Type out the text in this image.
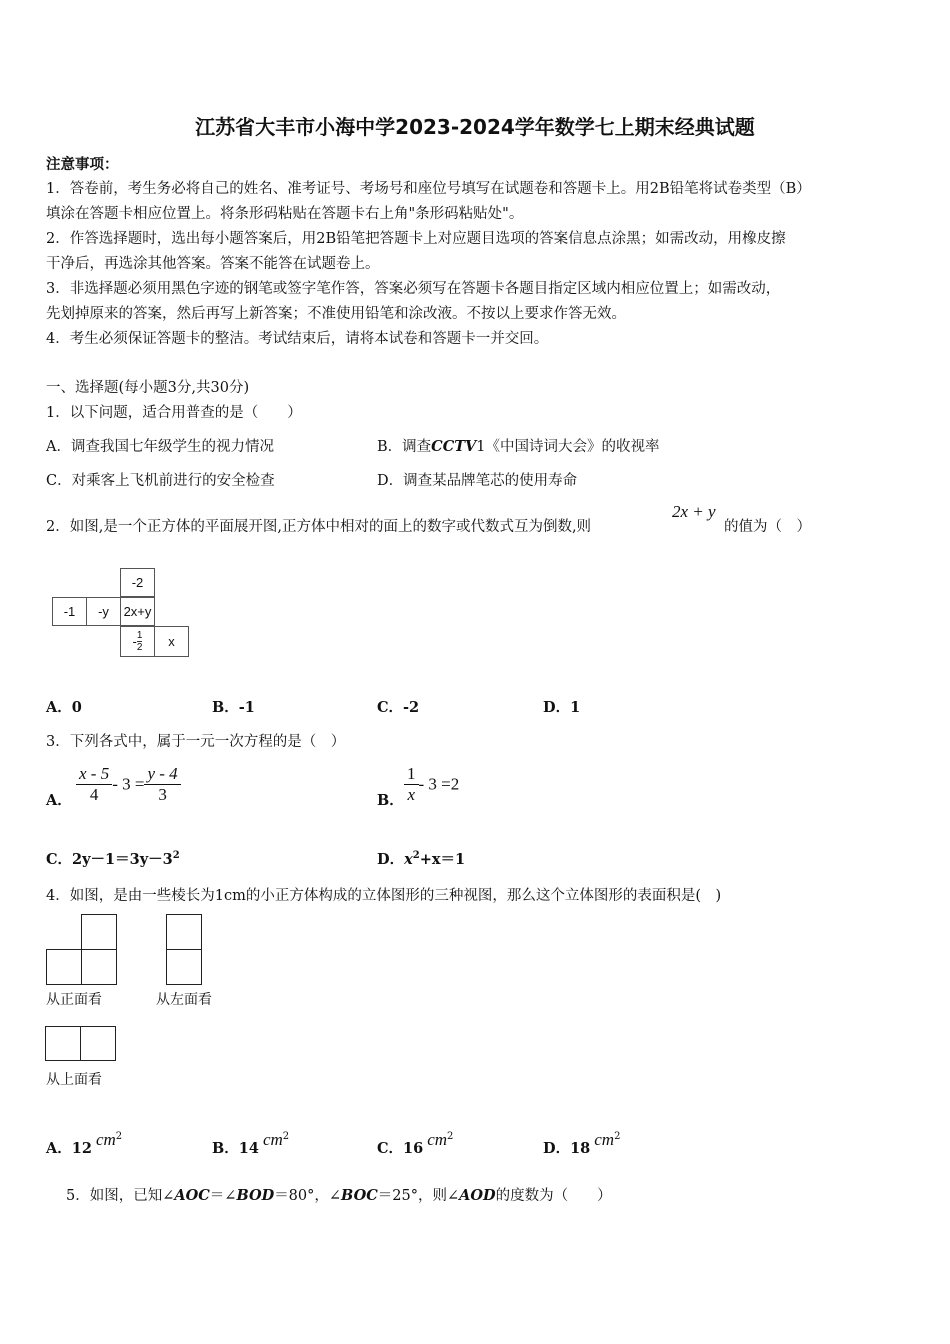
江苏省大丰市小海中学2023-2024学年数学七上期末经典试题
注意事项：
1．答卷前，考生务必将自己的姓名、准考证号、考场号和座位号填写在试题卷和答题卡上。用2B铅笔将试卷类型（B）
填涂在答题卡相应位置上。将条形码粘贴在答题卡右上角"条形码粘贴处"。
2．作答选择题时，选出每小题答案后，用2B铅笔把答题卡上对应题目选项的答案信息点涂黑；如需改动，用橡皮擦
干净后，再选涂其他答案。答案不能答在试题卷上。
3．非选择题必须用黑色字迹的钢笔或签字笔作答，答案必须写在答题卡各题目指定区域内相应位置上；如需改动，
先划掉原来的答案，然后再写上新答案；不准使用铅笔和涂改液。不按以上要求作答无效。
4．考生必须保证答题卡的整洁。考试结束后，请将本试卷和答题卡一并交回。
一、选择题(每小题3分,共30分)
1．以下问题，适合用普查的是（　　）
A．调查我国七年级学生的视力情况	B．调查CCTV1《中国诗词大会》的收视率
C．对乘客上飞机前进行的安全检查	D．调查某品牌笔芯的使用寿命
2．如图,是一个正方体的平面展开图,正方体中相对的面上的数字或代数式互为倒数,则
2x + y
的值为（　）
-2
-1	-y	2x+y
- 1
2	x
A．0	B．-1	C．-2	D．1
3．下列各式中，属于一元一次方程的是（　）
A． $\frac{x - 5}{4} - 3 = \frac{y - 4}{3}$	B． $\frac{1}{x} - 3 =2$
C．$2y-1=3y-3^2$	D．$x^2+x=1$
4．如图，是由一些棱长为1cm的小正方体构成的立体图形的三种视图，那么这个立体图形的表面积是(　)
从正面看	从左面看
从上面看
A．12 $cm^2$
B．14 $cm^2$
C．16 $cm^2$
D．18 $cm^2$
5．如图，已知∠AOC＝∠BOD＝80°，∠BOC＝25°，则∠AOD的度数为（　　）
